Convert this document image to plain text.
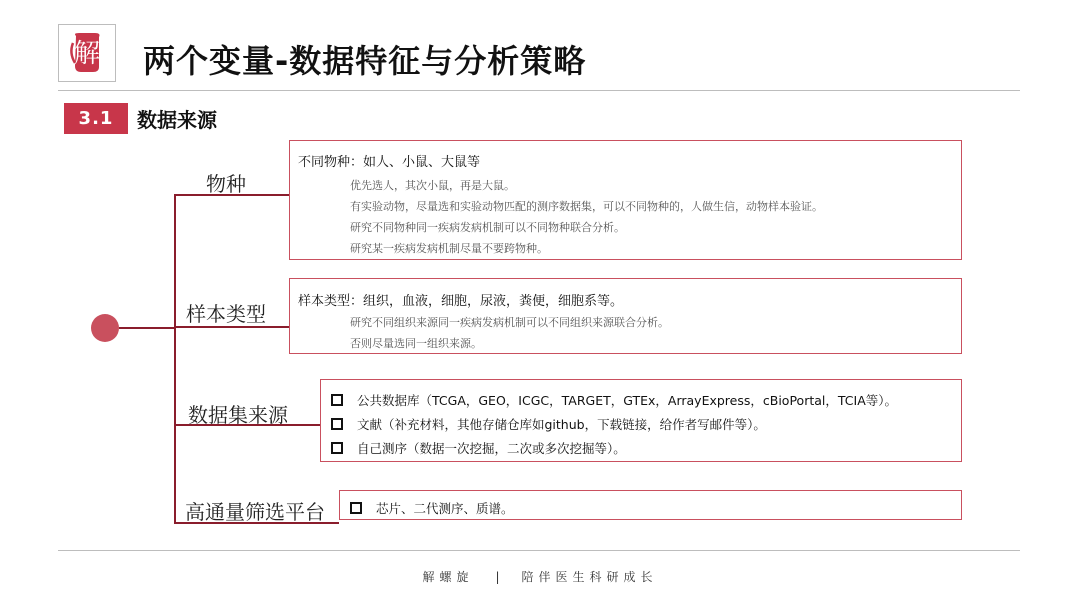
解 两个变量-数据特征与分析策略
3.1	数据来源
物种
样本类型
数据集来源
高通量筛选平台
不同物种：如人、小鼠、大鼠等
优先选人，其次小鼠，再是大鼠。
有实验动物，尽量选和实验动物匹配的测序数据集，可以不同物种的，人做生信，动物样本验证。
研究不同物种同一疾病发病机制可以不同物种联合分析。
研究某一疾病发病机制尽量不要跨物种。
样本类型：组织，血液，细胞，尿液，粪便，细胞系等。
研究不同组织来源同一疾病发病机制可以不同组织来源联合分析。
否则尽量选同一组织来源。
公共数据库（TCGA，GEO，ICGC，TARGET，GTEx，ArrayExpress，cBioPortal，TCIA等）。
文献（补充材料，其他存储仓库如github，下载链接，给作者写邮件等）。
自己测序（数据一次挖掘，二次或多次挖掘等）。
芯片、二代测序、质谱。
解螺旋 | 陪伴医生科研成长
